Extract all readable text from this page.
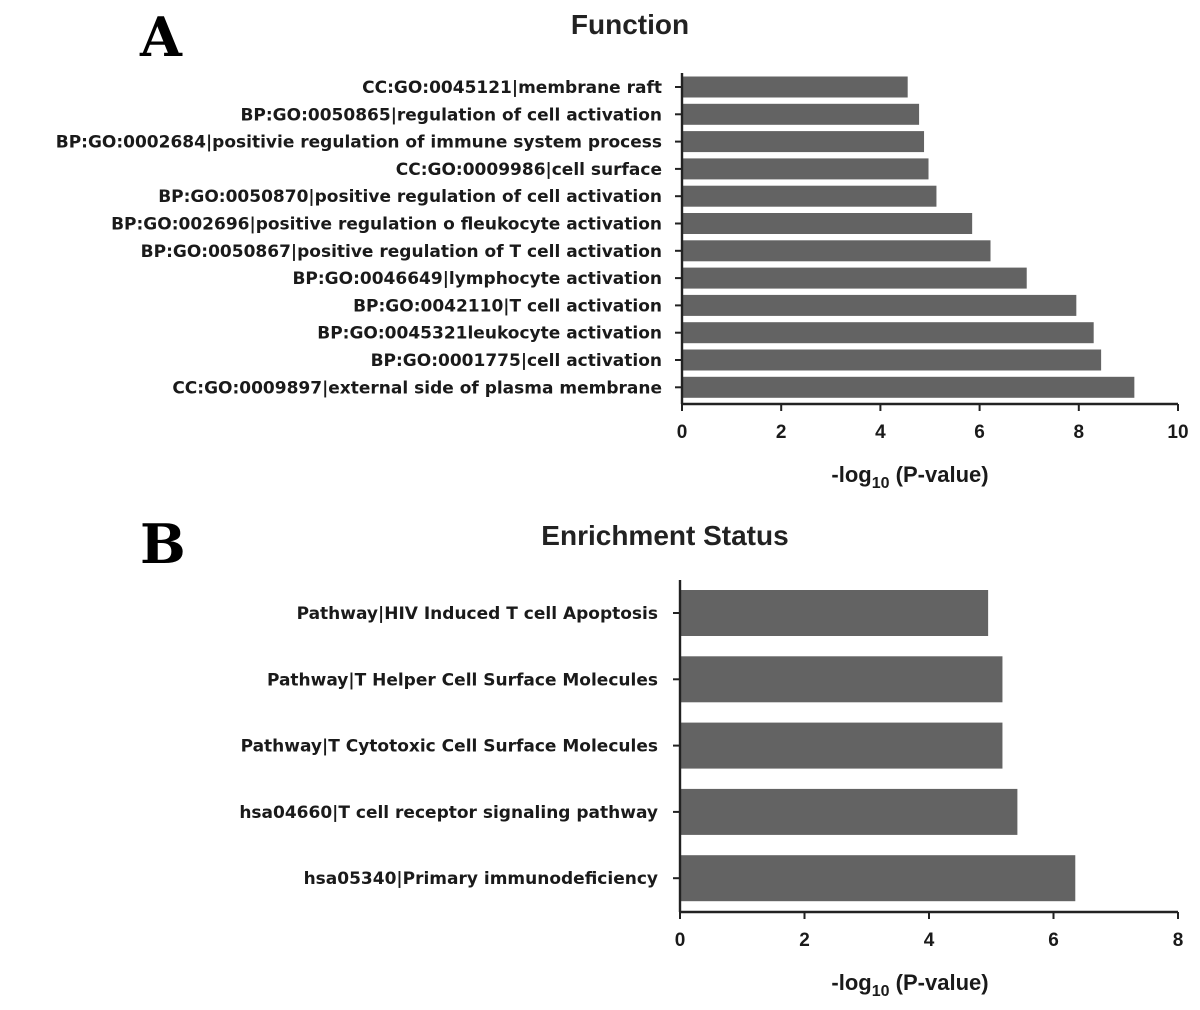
A	Function
CC:GO:0045121|membrane raft
BP:GO:0050865|regulation of cell activation
BP:GO:0002684|positivie regulation of immune system process
CC:GO:0009986|cell surface
BP:GO:0050870|positive regulation of cell activation
BP:GO:002696|positive regulation o fleukocyte activation
BP:GO:0050867|positive regulation of T cell activation
BP:GO:0046649|lymphocyte activation
BP:GO:0042110|T cell activation
BP:GO:0045321leukocyte activation
BP:GO:0001775|cell activation
CC:GO:0009897|external side of plasma membrane
0	2	4	6	8	10
$-\log_{10}$ (P-value)
B	Enrichment Status
Pathway|HIV Induced T cell Apoptosis
Pathway|T Helper Cell Surface Molecules
Pathway|T Cytotoxic Cell Surface Molecules
hsa04660|T cell receptor signaling pathway
hsa05340|Primary immunodeficiency
0	2	4	6	8
$-\log_{10}$ (P-value)
